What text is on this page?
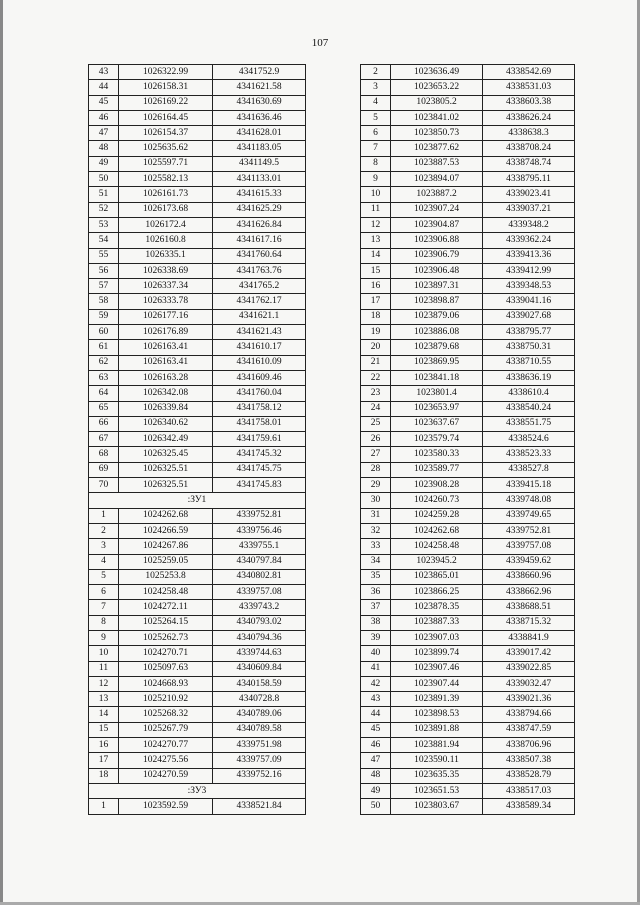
107
43	1026322.99	4341752.9
44	1026158.31	4341621.58
45	1026169.22	4341630.69
46	1026164.45	4341636.46
47	1026154.37	4341628.01
48	1025635.62	4341183.05
49	1025597.71	4341149.5
50	1025582.13	4341133.01
51	1026161.73	4341615.33
52	1026173.68	4341625.29
53	1026172.4	4341626.84
54	1026160.8	4341617.16
55	1026335.1	4341760.64
56	1026338.69	4341763.76
57	1026337.34	4341765.2
58	1026333.78	4341762.17
59	1026177.16	4341621.1
60	1026176.89	4341621.43
61	1026163.41	4341610.17
62	1026163.41	4341610.09
63	1026163.28	4341609.46
64	1026342.08	4341760.04
65	1026339.84	4341758.12
66	1026340.62	4341758.01
67	1026342.49	4341759.61
68	1026325.45	4341745.32
69	1026325.51	4341745.75
70	1026325.51	4341745.83
:ЗУ1		
1	1024262.68	4339752.81
2	1024266.59	4339756.46
3	1024267.86	4339755.1
4	1025259.05	4340797.84
5	1025253.8	4340802.81
6	1024258.48	4339757.08
7	1024272.11	4339743.2
8	1025264.15	4340793.02
9	1025262.73	4340794.36
10	1024270.71	4339744.63
11	1025097.63	4340609.84
12	1024668.93	4340158.59
13	1025210.92	4340728.8
14	1025268.32	4340789.06
15	1025267.79	4340789.58
16	1024270.77	4339751.98
17	1024275.56	4339757.09
18	1024270.59	4339752.16
:ЗУ3		
1	1023592.59	4338521.84
2	1023636.49	4338542.69
3	1023653.22	4338531.03
4	1023805.2	4338603.38
5	1023841.02	4338626.24
6	1023850.73	4338638.3
7	1023877.62	4338708.24
8	1023887.53	4338748.74
9	1023894.07	4338795.11
10	1023887.2	4339023.41
11	1023907.24	4339037.21
12	1023904.87	4339348.2
13	1023906.88	4339362.24
14	1023906.79	4339413.36
15	1023906.48	4339412.99
16	1023897.31	4339348.53
17	1023898.87	4339041.16
18	1023879.06	4339027.68
19	1023886.08	4338795.77
20	1023879.68	4338750.31
21	1023869.95	4338710.55
22	1023841.18	4338636.19
23	1023801.4	4338610.4
24	1023653.97	4338540.24
25	1023637.67	4338551.75
26	1023579.74	4338524.6
27	1023580.33	4338523.33
28	1023589.77	4338527.8
29	1023908.28	4339415.18
30	1024260.73	4339748.08
31	1024259.28	4339749.65
32	1024262.68	4339752.81
33	1024258.48	4339757.08
34	1023945.2	4339459.62
35	1023865.01	4338660.96
36	1023866.25	4338662.96
37	1023878.35	4338688.51
38	1023887.33	4338715.32
39	1023907.03	4338841.9
40	1023899.74	4339017.42
41	1023907.46	4339022.85
42	1023907.44	4339032.47
43	1023891.39	4339021.36
44	1023898.53	4338794.66
45	1023891.88	4338747.59
46	1023881.94	4338706.96
47	1023590.11	4338507.38
48	1023635.35	4338528.79
49	1023651.53	4338517.03
50	1023803.67	4338589.34
